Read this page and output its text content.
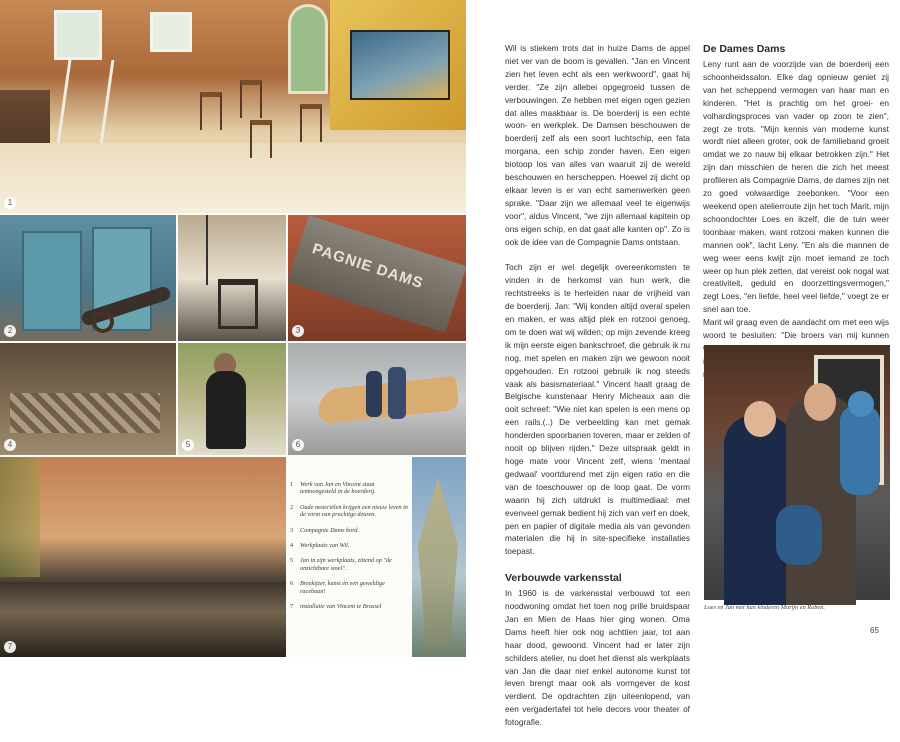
1
2
PAGNIE DAMS
3
4	5	6
7
1	Werk van Jan en Vincent staat tentoongesteld in de boerderij.
2	Oude moteriëlen krijgen een nieuw leven in de vorm van prachtige deuren.
3	Compagnie Dams bord.
4	Werkplaats van Wil.
5	Jan in zijn werkplaats, zittend op "de onzichtbare stoel".
6	Breekijzer, kunst én een geweldige racebaan!
7	installatie van Vincent te Brussel

Wil is stiekem trots dat in huize Dams de appel niet ver van de boom is gevallen. "Jan en Vincent zien het leven echt als een werkwoord", gaat hij verder. "Ze zijn allebei opgegroeid tussen de verbouwingen. Ze hebben met eigen ogen gezien dat alles maakbaar is. De boerderij is een echte woon- en werkplek. De Damsen beschouwen de boerderij zelf als een soort luchtschip, een fata morgana, een schip zonder haven. Een eigen biotoop los van alles van waaruit zij de wereld beschouwen en herscheppen. Hoewel zij dicht op elkaar leven is er van echt samenwerken geen sprake. "Daar zijn we allemaal veel te eigenwijs voor", aldus Vincent, "we zijn allemaal kapitein op ons eigen schip, en dat gaat alle kanten op". Zo is ook de idee van de Compagnie Dams ontstaan.

Toch zijn er wel degelijk overeenkomsten te vinden in de herkomst van hun werk, die rechtstreeks is te herleiden naar de vrijheid van de boerderij. Jan: "Wij konden altijd overal spelen en maken, er was altijd plek en rotzooi genoeg, om te doen wat wij wilden; op mijn zevende kreeg ik mijn eerste eigen bankschroef, die gebruik ik nu nog, met spelen en maken zijn we gewoon nooit opgehouden. En rotzooi gebruik ik nog steeds vaak als basismateriaal." Vincent haalt graag de Belgische kunstenaar Henry Micheaux aan die ooit schreef: "Wie niet kan spelen is een mens op een rails.(..) De verbeelding kan met gemak honderden spoorbanen toveren, maar er zelden of nooit op blijven rijden." Deze uitspraak geldt in hoge mate voor Vincent zelf, wiens 'mentaal gedwaal' voortdurend met zijn eigen ratio en die van de toeschouwer op de loop gaat. De vorm waarin hij zich uitdrukt is multimediaal: met evenveel gemak bedient hij zich van verf en doek, pen en papier of digitale media als van gevonden materialen die hij in site-specifieke installaties toepast.

Verbouwde varkensstal

In 1960 is de varkensstal verbouwd tot een noodwoning omdat het toen nog prille bruidspaar Jan en Mien de Haas hier ging wonen. Oma Dams heeft hier ook nog achttien jaar, tot aan haar dood, gewoond. Vincent had er later zijn schilders atelier, nu doet het dienst als werkplaats van Jan die daar niet enkel autonome kunst tot leven brengt maar ook als vormgever de kost verdient. De opdrachten zijn uiteenlopend, van een vergadertafel tot hele decors voor theater of fotografie.

De Dames Dams

Leny runt aan de voorzijde van de boerderij een schoonheidssalon. Elke dag opnieuw geniet zij van het scheppend vermogen van haar man en kinderen. "Het is prachtig om het groei- en volhardingsproces van vader op zoon te zien", zegt ze trots. "Mijn kennis van moderne kunst wordt niet alleen groter, ook de familieband groeit omdat we zo nauw bij elkaar betrokken zijn." Het zijn dan misschien de heren die zich het meest profileren als Compagnie Dams, de dames zijn net zo goed volwaardige zeebonken. "Voor een weekend open atelierroute zijn het toch Marit, mijn schoondochter Loes en ikzelf, die de tuin weer toonbaar maken, want rotzooi maken kunnen die mannen ook", lacht Leny. "En als die mannen de weg weer eens kwijt zijn moet iemand ze toch weer op hun plek zetten, dat vereist ook nogal wat creativiteit, geduld en doorzettingsvermogen," zegt Loes, "en liefde, heel veel liefde," voegt ze er snel aan toe.

Marit wil graag even de aandacht om met een wijs woord te besluiten: "Die broers van mij kunnen

Loes en Jan met hun kinderen Marijn en Ruben.
65
